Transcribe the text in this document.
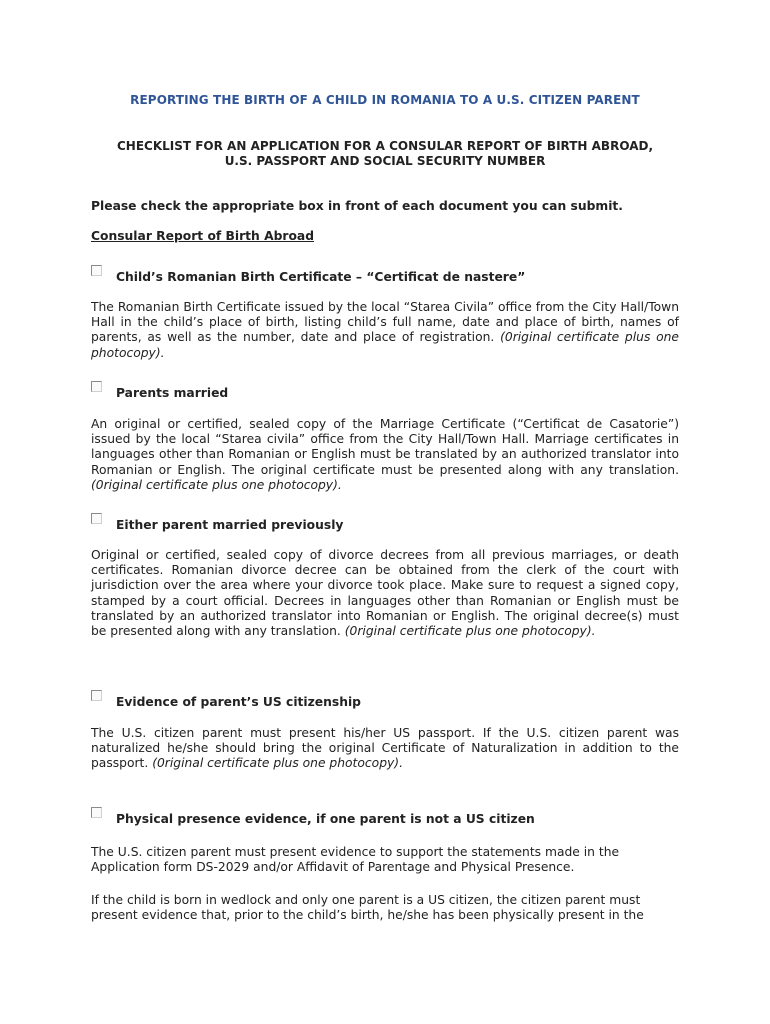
REPORTING THE BIRTH OF A CHILD IN ROMANIA TO A U.S. CITIZEN PARENT
CHECKLIST FOR AN APPLICATION FOR A CONSULAR REPORT OF BIRTH ABROAD,
U.S. PASSPORT AND SOCIAL SECURITY NUMBER
Please check the appropriate box in front of each document you can submit.
Consular Report of Birth Abroad
Child’s Romanian Birth Certificate – “Certificat de nastere”

The Romanian Birth Certificate issued by the local “Starea Civila” office from the City Hall/Town Hall in the child’s place of birth, listing child’s full name, date and place of birth, names of parents, as well as the number, date and place of registration. (0riginal certificate plus one photocopy).

Parents married

An original or certified, sealed copy of the Marriage Certificate (“Certificat de Casatorie”) issued by the local “Starea civila” office from the City Hall/Town Hall. Marriage certificates in languages other than Romanian or English must be translated by an authorized translator into Romanian or English. The original certificate must be presented along with any translation. (0riginal certificate plus one photocopy).

Either parent married previously

Original or certified, sealed copy of divorce decrees from all previous marriages, or death certificates. Romanian divorce decree can be obtained from the clerk of the court with jurisdiction over the area where your divorce took place. Make sure to request a signed copy, stamped by a court official. Decrees in languages other than Romanian or English must be translated by an authorized translator into Romanian or English. The original decree(s) must be presented along with any translation. (0riginal certificate plus one photocopy).

Evidence of parent’s US citizenship

The U.S. citizen parent must present his/her US passport. If the U.S. citizen parent was naturalized he/she should bring the original Certificate of Naturalization in addition to the passport. (0riginal certificate plus one photocopy).

Physical presence evidence, if one parent is not a US citizen

The U.S. citizen parent must present evidence to support the statements made in the Application form DS-2029 and/or Affidavit of Parentage and Physical Presence.

If the child is born in wedlock and only one parent is a US citizen, the citizen parent must present evidence that, prior to the child’s birth, he/she has been physically present in the
